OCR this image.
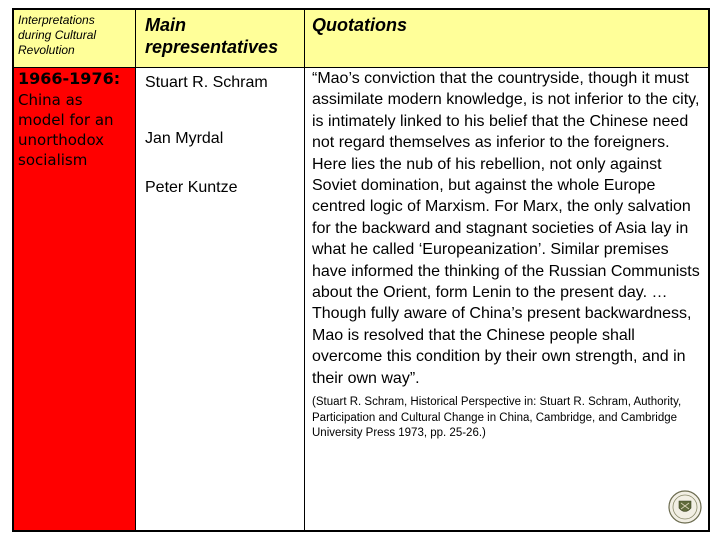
Interpretations during Cultural Revolution
Main representatives
Quotations
1966-1976:
China as model for an unorthodox socialism
Stuart R. Schram
Jan Myrdal
Peter Kuntze
“Mao’s conviction that the countryside, though it must assimilate modern knowledge, is not inferior to the city, is intimately linked to his belief that the Chinese need not regard themselves as inferior to the foreigners. Here lies the nub of his rebellion, not only against Soviet domination, but against the whole Europe centred logic of Marxism. For Marx, the only salvation for the backward and stagnant societies of Asia lay in what he called ‘Europeanization’. Similar premises have informed the thinking of the Russian Communists about the Orient, form Lenin to the present day. … Though fully aware of China’s present backwardness, Mao is resolved that the Chinese people shall overcome this condition by their own strength, and in their own way”.
(Stuart R. Schram, Historical Perspective in: Stuart R. Schram, Authority, Participation and Cultural Change in China, Cambridge, and Cambridge University Press 1973, pp. 25-26.)
